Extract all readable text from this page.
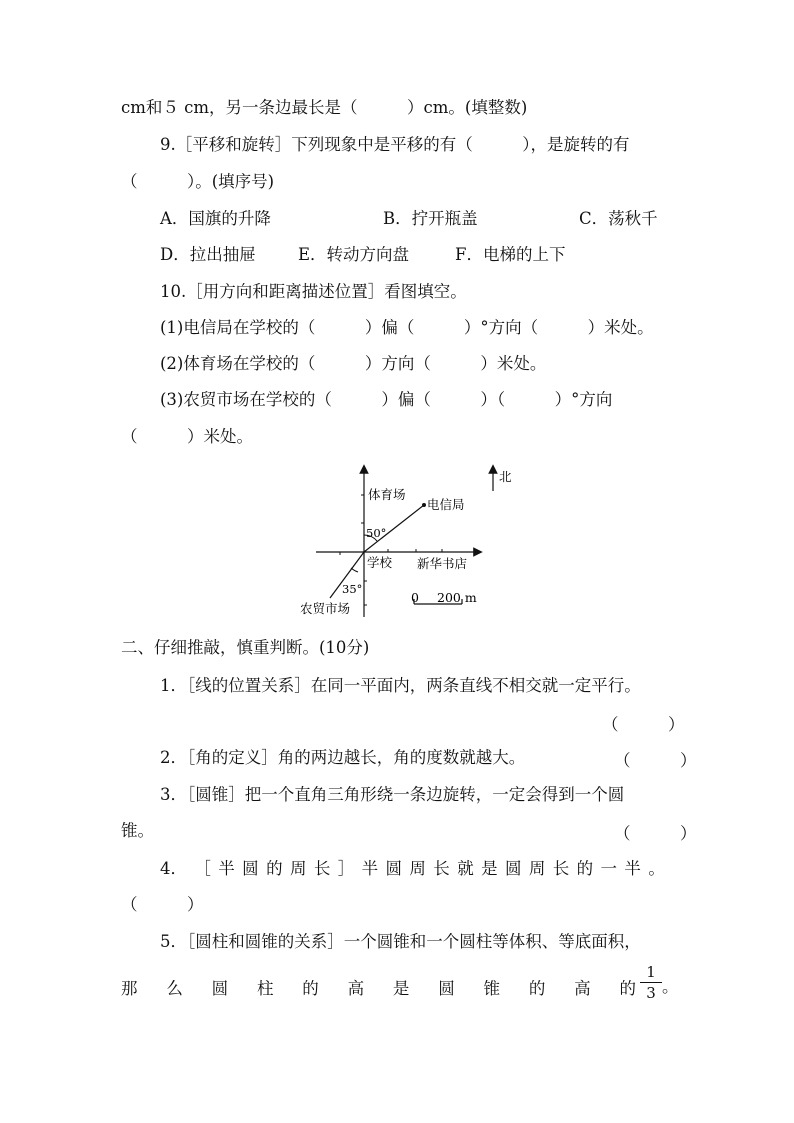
cm和５ cm，另一条边最长是（　　　）cm。(填整数)
9.［平移和旋转］下列现象中是平移的有（　　　），是旋转的有
（　　　）。(填序号)
A．国旗的升降	B．拧开瓶盖	C．荡秋千
D．拉出抽屉	E．转动方向盘	F．电梯的上下
10.［用方向和距离描述位置］看图填空。
(1)电信局在学校的（　　　）偏（　　　）°方向（　　　）米处。
(2)体育场在学校的（　　　）方向（　　　）米处。
(3)农贸市场在学校的（　　　）偏（　　　）（　　　）°方向
（　　　）米处。
体育场
电信局
50°
学校 新华书店
35°
农贸市场
0 200 m
北
二、仔细推敲，慎重判断。(10分)
1．［线的位置关系］在同一平面内，两条直线不相交就一定平行。
（　　　）
2．［角的定义］角的两边越长，角的度数就越大。	（　　　）
3．［圆锥］把一个直角三角形绕一条边旋转，一定会得到一个圆
锥。	（　　　）
4． ［ 半 圆 的 周 长 ］ 半 圆 周 长 就 是 圆 周 长 的 一 半 。
（　　　）
5．［圆柱和圆锥的关系］一个圆锥和一个圆柱等体积、等底面积，
那 么 圆 柱 的 高 是 圆 锥 的 高 的 $\frac{1}{3}$ 。
